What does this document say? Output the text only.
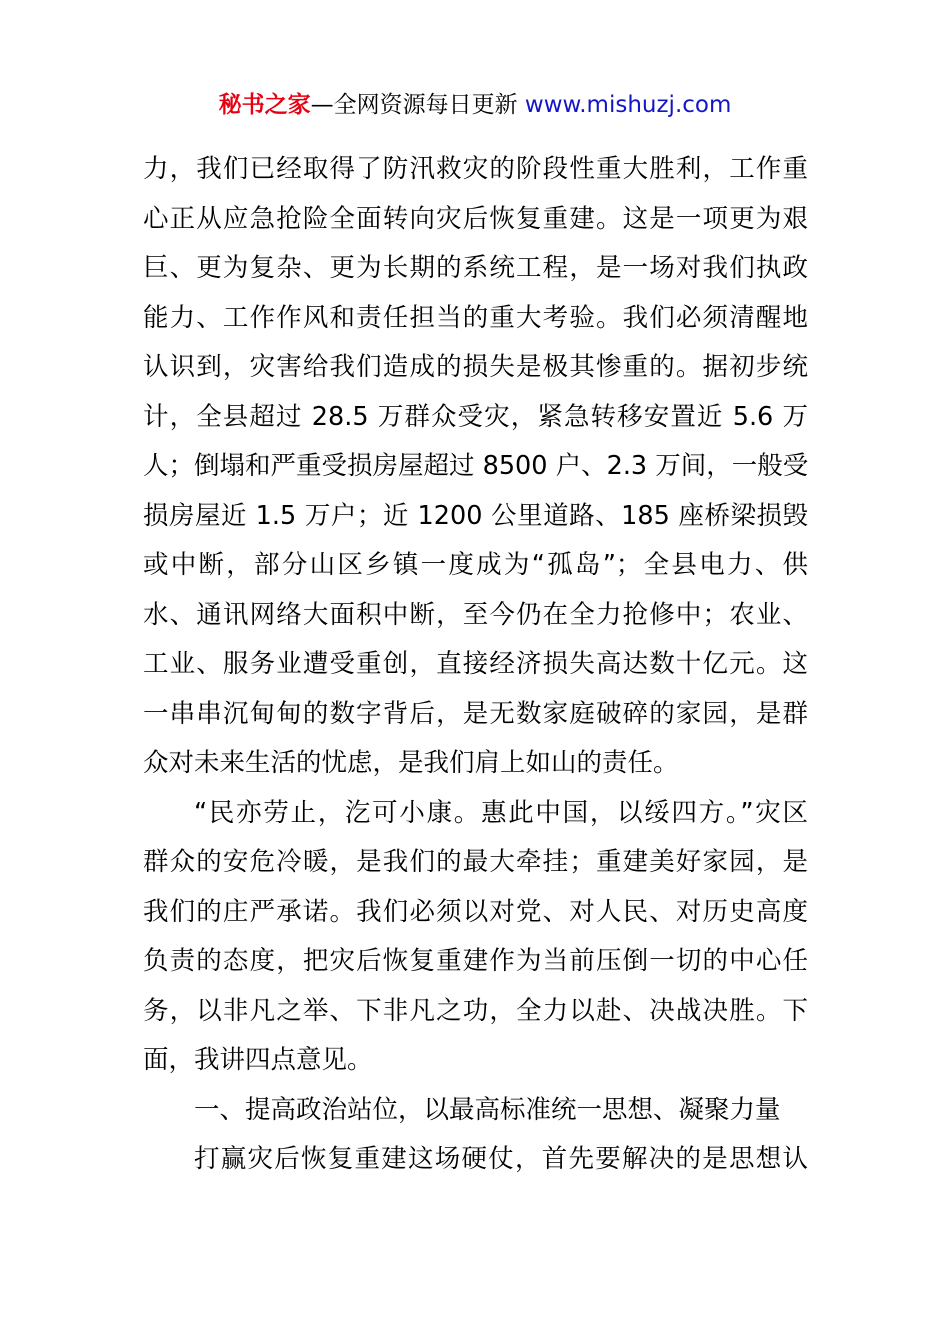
秘书之家—全网资源每日更新 www.mishuzj.com
力，我们已经取得了防汛救灾的阶段性重大胜利，工作重
心正从应急抢险全面转向灾后恢复重建。这是一项更为艰
巨、更为复杂、更为长期的系统工程，是一场对我们执政
能力、工作作风和责任担当的重大考验。我们必须清醒地
认识到，灾害给我们造成的损失是极其惨重的。据初步统
计，全县超过 28.5 万群众受灾，紧急转移安置近 5.6 万
人；倒塌和严重受损房屋超过 8500 户、2.3 万间，一般受
损房屋近 1.5 万户；近 1200 公里道路、185 座桥梁损毁
或中断，部分山区乡镇一度成为“孤岛”；全县电力、供
水、通讯网络大面积中断，至今仍在全力抢修中；农业、
工业、服务业遭受重创，直接经济损失高达数十亿元。这
一串串沉甸甸的数字背后，是无数家庭破碎的家园，是群
众对未来生活的忧虑，是我们肩上如山的责任。
“民亦劳止，汔可小康。惠此中国，以绥四方。”灾区
群众的安危冷暖，是我们的最大牵挂；重建美好家园，是
我们的庄严承诺。我们必须以对党、对人民、对历史高度
负责的态度，把灾后恢复重建作为当前压倒一切的中心任
务，以非凡之举、下非凡之功，全力以赴、决战决胜。下
面，我讲四点意见。
一、提高政治站位，以最高标准统一思想、凝聚力量
打赢灾后恢复重建这场硬仗，首先要解决的是思想认
